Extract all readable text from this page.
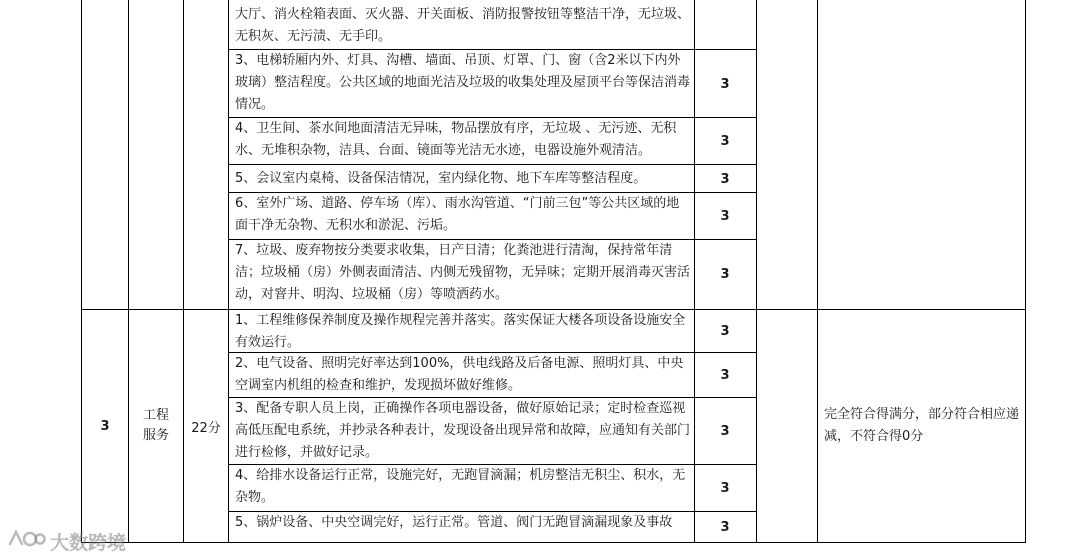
大厅、消火栓箱表面、灭火器、开关面板、消防报警按钮等整洁干净，无垃圾、无积灰、无污渍、无手印。
3、电梯轿厢内外、灯具、沟槽、墙面、吊顶、灯罩、门、窗（含2米以下内外玻璃）整洁程度。公共区域的地面光洁及垃圾的收集处理及屋顶平台等保洁消毒情况。
3
4、卫生间、茶水间地面清洁无异味，物品摆放有序，无垃圾 、无污迹、无积水、无堆积杂物，洁具、台面、镜面等光洁无水迹，电器设施外观清洁。
3
5、会议室内桌椅、设备保洁情况，室内绿化物、地下车库等整洁程度。	3
6、室外广场、道路、停车场（库）、雨水沟管道、“门前三包”等公共区域的地面干净无杂物、无积水和淤泥、污垢。
3
7、垃圾、废弃物按分类要求收集，日产日清；化粪池进行清淘，保持常年清洁；垃圾桶（房）外侧表面清洁、内侧无残留物，无异味；定期开展消毒灭害活动，对窨井、明沟、垃圾桶（房）等喷洒药水。
3
3
工程服务 22分
1、工程维修保养制度及操作规程完善并落实。落实保证大楼各项设备设施安全有效运行。
3
2、电气设备、照明完好率达到100%，供电线路及后备电源、照明灯具、中央空调室内机组的检查和维护，发现损坏做好维修。
3
3、配备专职人员上岗，正确操作各项电器设备，做好原始记录；定时检查巡视高低压配电系统，并抄录各种表计，发现设备出现异常和故障，应通知有关部门进行检修，并做好记录。
3
4、给排水设备运行正常，设施完好，无跑冒滴漏；机房整洁无积尘、积水，无杂物。
3
5、锅炉设备、中央空调完好，运行正常。管道、阀门无跑冒滴漏现象及事故	3
完全符合得满分，部分符合相应递减，不符合得0分
大数跨境
